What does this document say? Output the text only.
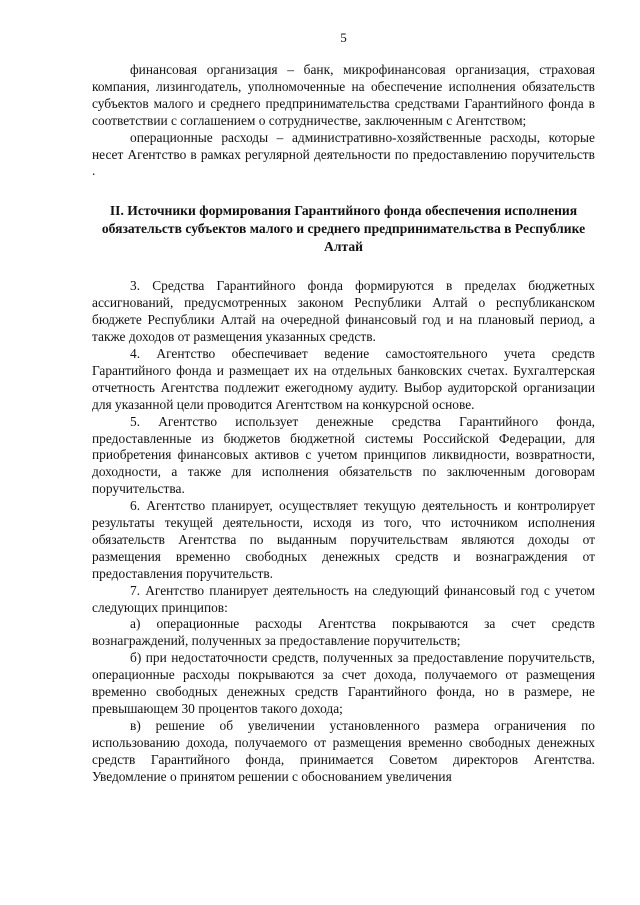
5

финансовая организация – банк, микрофинансовая организация, страховая компания, лизингодатель, уполномоченные на обеспечение исполнения обязательств субъектов малого и среднего предпринимательства средствами Гарантийного фонда в соответствии с соглашением о сотрудничестве, заключенным с Агентством;

операционные расходы – административно-хозяйственные расходы, которые несет Агентство в рамках регулярной деятельности по предоставлению поручительств .

II. Источники формирования Гарантийного фонда обеспечения исполнения обязательств субъектов малого и среднего предпринимательства в Республике Алтай

3. Средства Гарантийного фонда формируются в пределах бюджетных ассигнований, предусмотренных законом Республики Алтай о республиканском бюджете Республики Алтай на очередной финансовый год и на плановый период, а также доходов от размещения указанных средств.

4. Агентство обеспечивает ведение самостоятельного учета средств Гарантийного фонда и размещает их на отдельных банковских счетах. Бухгалтерская отчетность Агентства подлежит ежегодному аудиту. Выбор аудиторской организации для указанной цели проводится Агентством на конкурсной основе.

5. Агентство использует денежные средства Гарантийного фонда, предоставленные из бюджетов бюджетной системы Российской Федерации, для приобретения финансовых активов с учетом принципов ликвидности, возвратности, доходности, а также для исполнения обязательств по заключенным договорам поручительства.

6. Агентство планирует, осуществляет текущую деятельность и контролирует результаты текущей деятельности, исходя из того, что источником исполнения обязательств Агентства по выданным поручительствам являются доходы от размещения временно свободных денежных средств и вознаграждения от предоставления поручительств.

7. Агентство планирует деятельность на следующий финансовый год с учетом следующих принципов:

а) операционные расходы Агентства покрываются за счет средств вознаграждений, полученных за предоставление поручительств;

б) при недостаточности средств, полученных за предоставление поручительств, операционные расходы покрываются за счет дохода, получаемого от размещения временно свободных денежных средств Гарантийного фонда, но в размере, не превышающем 30 процентов такого дохода;

в) решение об увеличении установленного размера ограничения по использованию дохода, получаемого от размещения временно свободных денежных средств Гарантийного фонда, принимается Советом директоров Агентства. Уведомление о принятом решении с обоснованием увеличения
